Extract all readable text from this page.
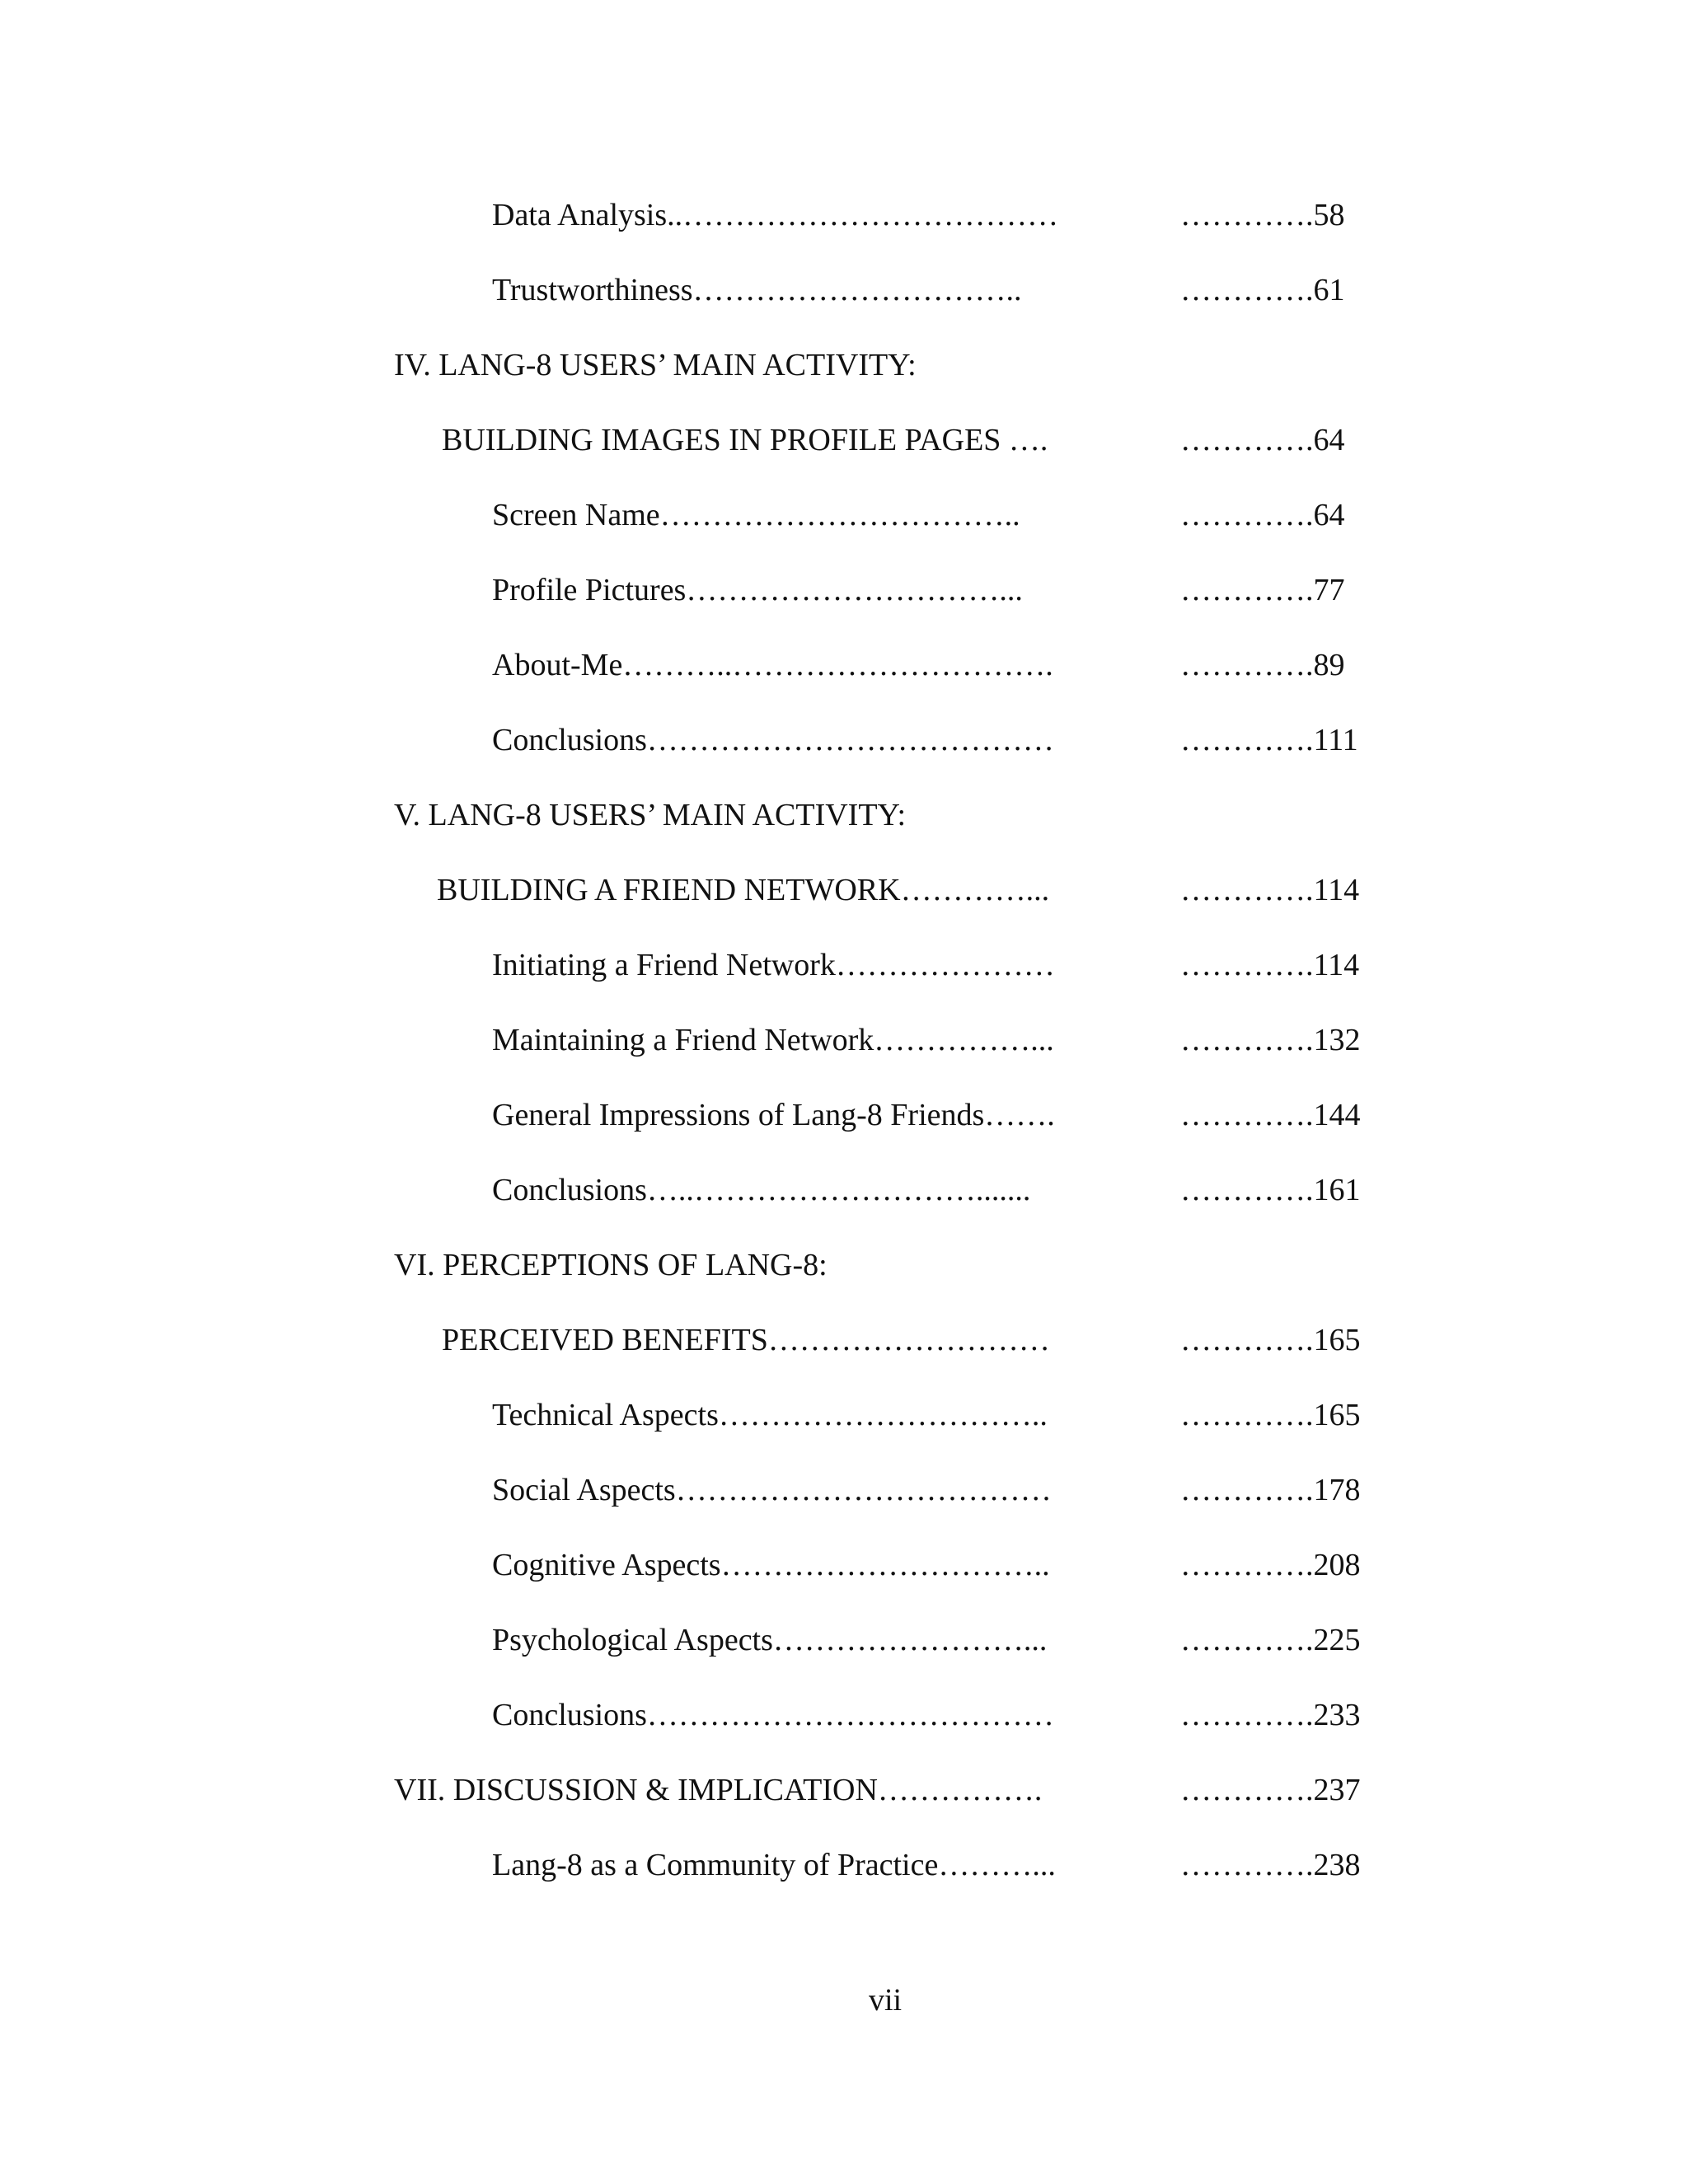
Data Analysis..………………………………	………….58
Trustworthiness…………………………..	………….61
IV. LANG-8 USERS’ MAIN ACTIVITY:
BUILDING IMAGES IN PROFILE PAGES ….	………….64
Screen Name……………………………..	………….64
Profile Pictures…………………………...	………….77
About-Me………..………………………….	………….89
Conclusions…………………………………	………….111
V. LANG-8 USERS’ MAIN ACTIVITY:
BUILDING A FRIEND NETWORK…………...	………….114
Initiating a Friend Network…………………	………….114
Maintaining a Friend Network……………...	………….132
General Impressions of Lang-8 Friends…….	………….144
Conclusions…..……………………….......	………….161
VI. PERCEPTIONS OF LANG-8:
PERCEIVED BENEFITS………………………	………….165
Technical Aspects…………………………..	………….165
Social Aspects………………………………	………….178
Cognitive Aspects…………………………..	………….208
Psychological Aspects……………………...	………….225
Conclusions…………………………………	………….233
VII. DISCUSSION & IMPLICATION…………….	………….237
Lang-8 as a Community of Practice………...	………….238
vii
